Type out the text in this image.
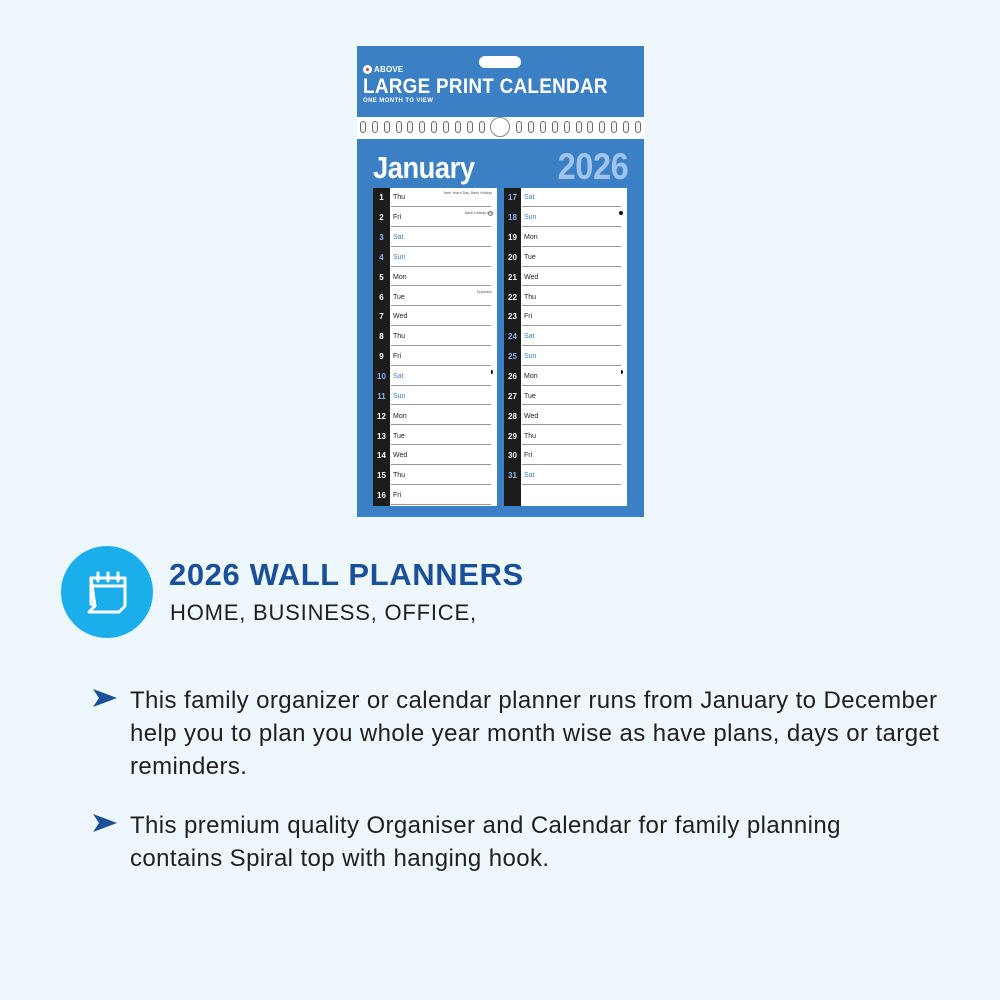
ABOVE
LARGE PRINT CALENDAR
ONE MONTH TO VIEW
January 2026
1	Thu
New Year's Day, Bank Holiday
2	Fri
Bank Holiday (S)
3	Sat
4	Sun
5	Mon
6	Tue
Epiphany
7	Wed
8	Thu
9	Fri
10	Sat
11	Sun
12	Mon
13	Tue
14	Wed
15	Thu
16	Fri
17	Sat
18	Sun
19	Mon
20	Tue
21	Wed
22	Thu
23	Fri
24	Sat
25	Sun
26	Mon
27	Tue
28	Wed
29	Thu
30	Fri
31	Sat
2026 WALL PLANNERS
HOME, BUSINESS, OFFICE,
This family organizer or calendar planner runs from January to December help you to plan you whole year month wise as have plans, days or target reminders.
This premium quality Organiser and Calendar for family planning contains Spiral top with hanging hook.
